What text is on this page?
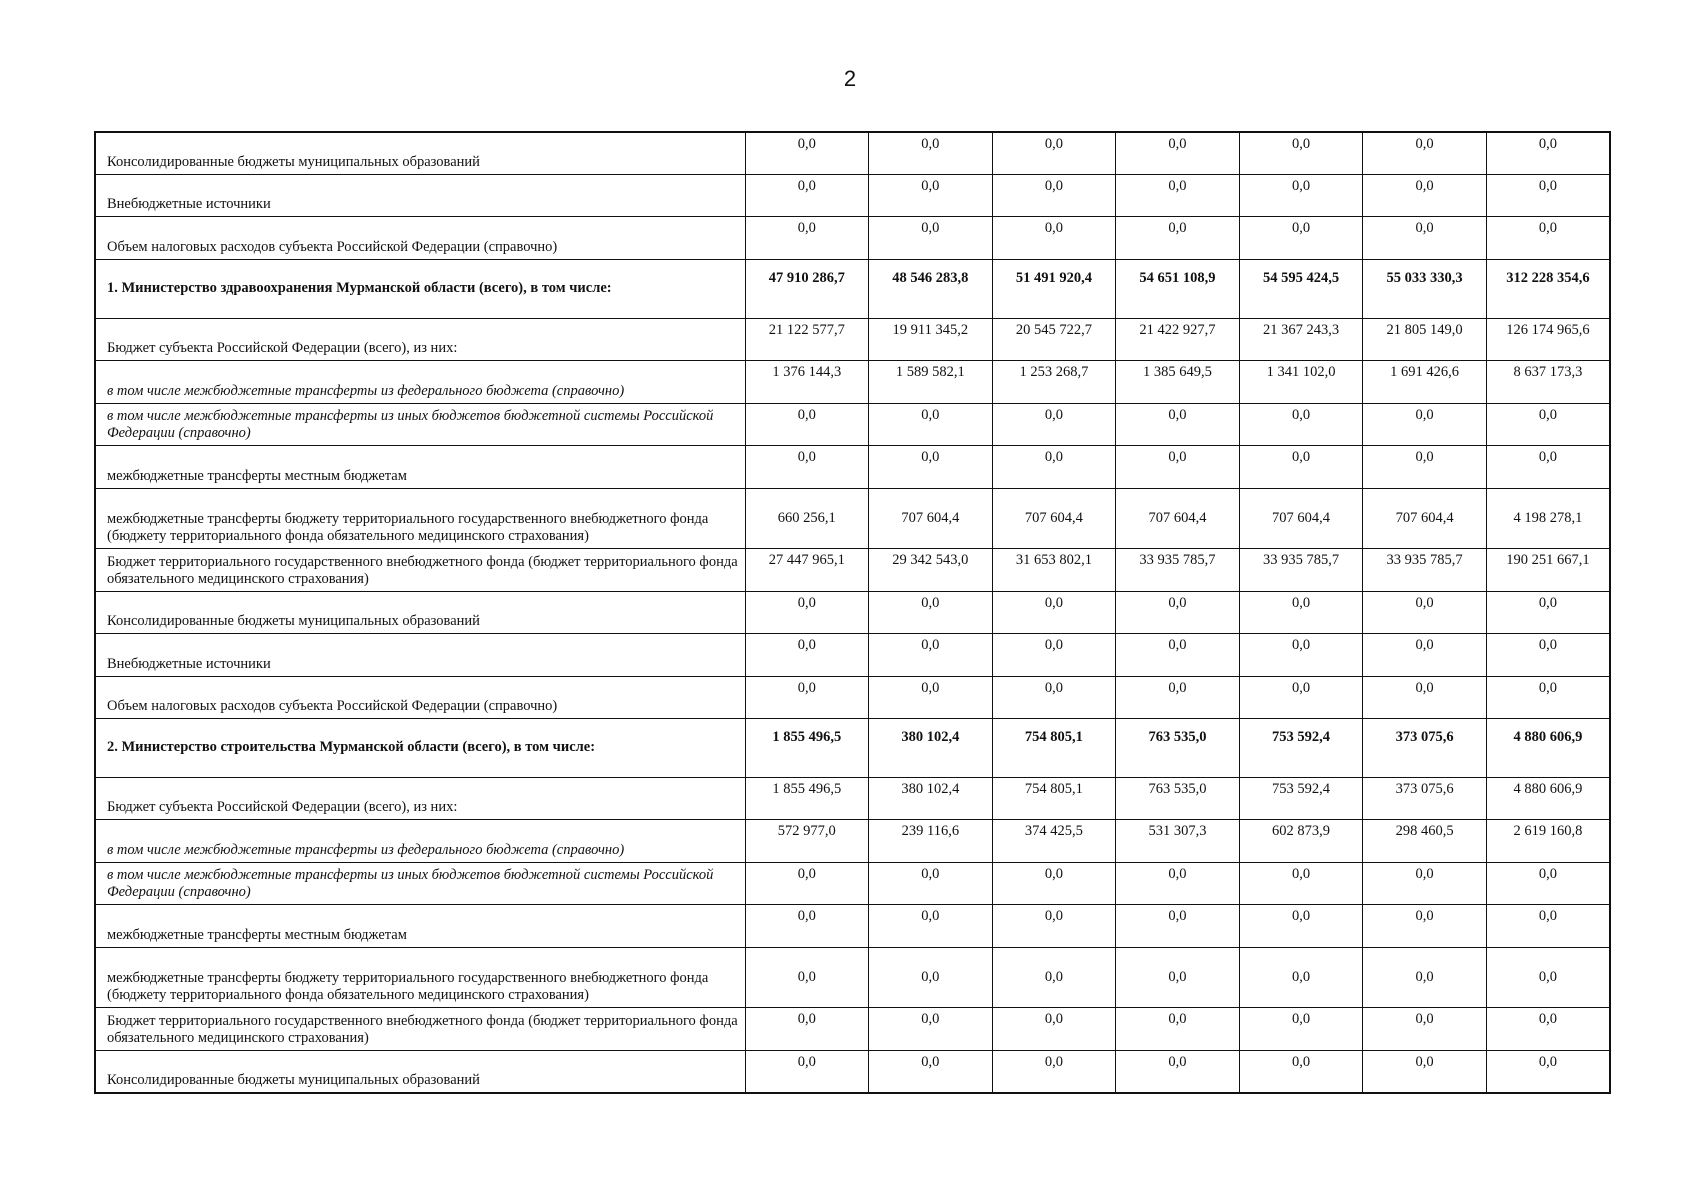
2
Консолидированные бюджеты муниципальных образований	0,0	0,0	0,0	0,0	0,0	0,0	0,0
Внебюджетные источники	0,0	0,0	0,0	0,0	0,0	0,0	0,0
Объем налоговых расходов субъекта Российской Федерации (справочно)	0,0	0,0	0,0	0,0	0,0	0,0	0,0
1. Министерство здравоохранения Мурманской области (всего), в том числе:	47 910 286,7	48 546 283,8	51 491 920,4	54 651 108,9	54 595 424,5	55 033 330,3	312 228 354,6
Бюджет субъекта Российской Федерации (всего), из них:	21 122 577,7	19 911 345,2	20 545 722,7	21 422 927,7	21 367 243,3	21 805 149,0	126 174 965,6
в том числе межбюджетные трансферты из федерального бюджета (справочно)	1 376 144,3	1 589 582,1	1 253 268,7	1 385 649,5	1 341 102,0	1 691 426,6	8 637 173,3
в том числе межбюджетные трансферты из иных бюджетов бюджетной системы Российской Федерации (справочно)	0,0	0,0	0,0	0,0	0,0	0,0	0,0
межбюджетные трансферты местным бюджетам	0,0	0,0	0,0	0,0	0,0	0,0	0,0
межбюджетные трансферты бюджету территориального государственного внебюджетного фонда (бюджету территориального фонда обязательного медицинского страхования)	660 256,1	707 604,4	707 604,4	707 604,4	707 604,4	707 604,4	4 198 278,1
Бюджет территориального государственного внебюджетного фонда (бюджет территориального фонда обязательного медицинского страхования)	27 447 965,1	29 342 543,0	31 653 802,1	33 935 785,7	33 935 785,7	33 935 785,7	190 251 667,1
Консолидированные бюджеты муниципальных образований	0,0	0,0	0,0	0,0	0,0	0,0	0,0
Внебюджетные источники	0,0	0,0	0,0	0,0	0,0	0,0	0,0
Объем налоговых расходов субъекта Российской Федерации (справочно)	0,0	0,0	0,0	0,0	0,0	0,0	0,0
2. Министерство строительства Мурманской области (всего), в том числе:	1 855 496,5	380 102,4	754 805,1	763 535,0	753 592,4	373 075,6	4 880 606,9
Бюджет субъекта Российской Федерации (всего), из них:	1 855 496,5	380 102,4	754 805,1	763 535,0	753 592,4	373 075,6	4 880 606,9
в том числе межбюджетные трансферты из федерального бюджета (справочно)	572 977,0	239 116,6	374 425,5	531 307,3	602 873,9	298 460,5	2 619 160,8
в том числе межбюджетные трансферты из иных бюджетов бюджетной системы Российской Федерации (справочно)	0,0	0,0	0,0	0,0	0,0	0,0	0,0
межбюджетные трансферты местным бюджетам	0,0	0,0	0,0	0,0	0,0	0,0	0,0
межбюджетные трансферты бюджету территориального государственного внебюджетного фонда (бюджету территориального фонда обязательного медицинского страхования)	0,0	0,0	0,0	0,0	0,0	0,0	0,0
Бюджет территориального государственного внебюджетного фонда (бюджет территориального фонда обязательного медицинского страхования)	0,0	0,0	0,0	0,0	0,0	0,0	0,0
Консолидированные бюджеты муниципальных образований	0,0	0,0	0,0	0,0	0,0	0,0	0,0
